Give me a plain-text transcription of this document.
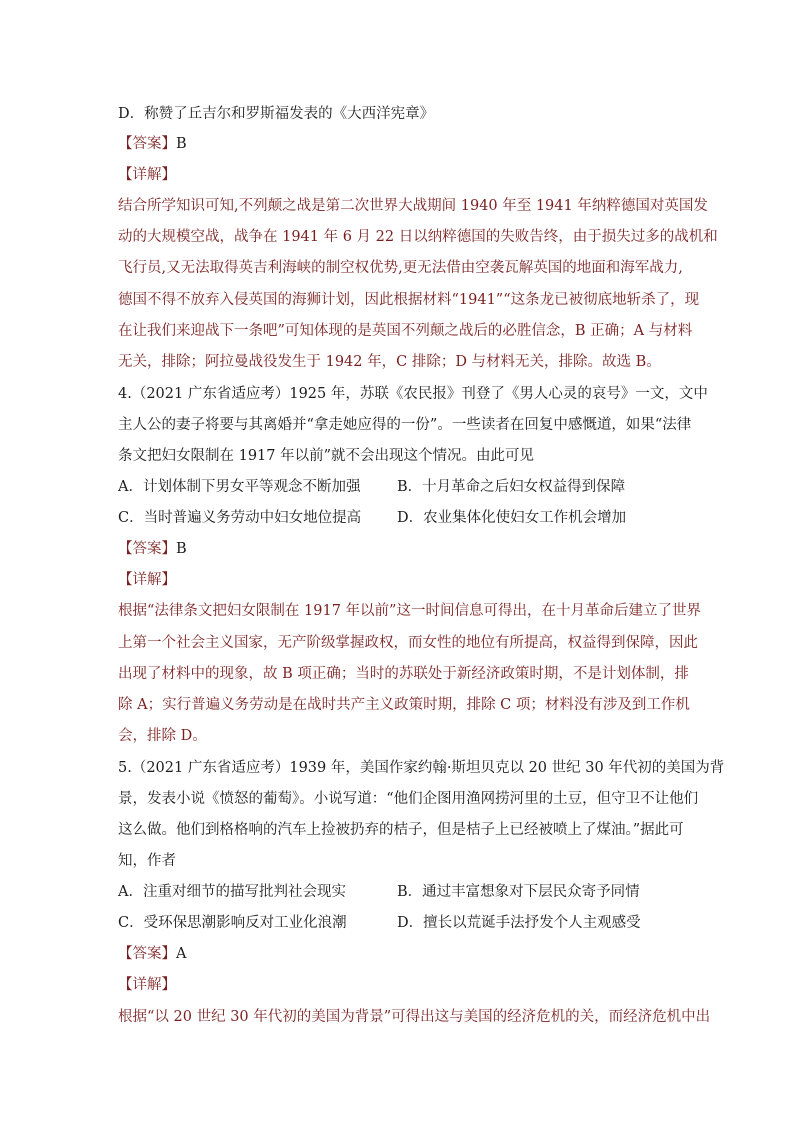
D．称赞了丘吉尔和罗斯福发表的《大西洋宪章》
【答案】B
【详解】
结合所学知识可知,不列颠之战是第二次世界大战期间 1940 年至 1941 年纳粹德国对英国发
动的大规模空战，战争在 1941 年 6 月 22 日以纳粹德国的失败告终，由于损失过多的战机和
飞行员,又无法取得英吉利海峡的制空权优势,更无法借由空袭瓦解英国的地面和海军战力,
德国不得不放弃入侵英国的海狮计划，因此根据材料“1941”“这条龙已被彻底地斩杀了，现
在让我们来迎战下一条吧”可知体现的是英国不列颠之战后的必胜信念，B 正确；A 与材料
无关，排除；阿拉曼战役发生于 1942 年，C 排除；D 与材料无关，排除。故选 B。
4.（2021 广东省适应考）1925 年，苏联《农民报》刊登了《男人心灵的哀号》一文，文中
主人公的妻子将要与其离婚并“拿走她应得的一份”。一些读者在回复中感慨道，如果“法律
条文把妇女限制在 1917 年以前”就不会出现这个情况。由此可见
A．计划体制下男女平等观念不断加强	B．十月革命之后妇女权益得到保障
C．当时普遍义务劳动中妇女地位提高 D．农业集体化使妇女工作机会增加
【答案】B
【详解】
根据“法律条文把妇女限制在 1917 年以前”这一时间信息可得出，在十月革命后建立了世界
上第一个社会主义国家，无产阶级掌握政权，而女性的地位有所提高，权益得到保障，因此
出现了材料中的现象，故 B 项正确；当时的苏联处于新经济政策时期，不是计划体制，排
除 A；实行普遍义务劳动是在战时共产主义政策时期，排除 C 项；材料没有涉及到工作机
会，排除 D。
5.（2021 广东省适应考）1939 年，美国作家约翰·斯坦贝克以 20 世纪 30 年代初的美国为背
景，发表小说《愤怒的葡萄》。小说写道：“他们企图用渔网捞河里的土豆，但守卫不让他们
这么做。他们到格格响的汽车上捡被扔弃的桔子，但是桔子上已经被喷上了煤油。”据此可
知，作者
A．注重对细节的描写批判社会现实	B．通过丰富想象对下层民众寄予同情
C．受环保思潮影响反对工业化浪潮	D．擅长以荒诞手法抒发个人主观感受
【答案】A
【详解】
根据“以 20 世纪 30 年代初的美国为背景”可得出这与美国的经济危机的关，而经济危机中出
